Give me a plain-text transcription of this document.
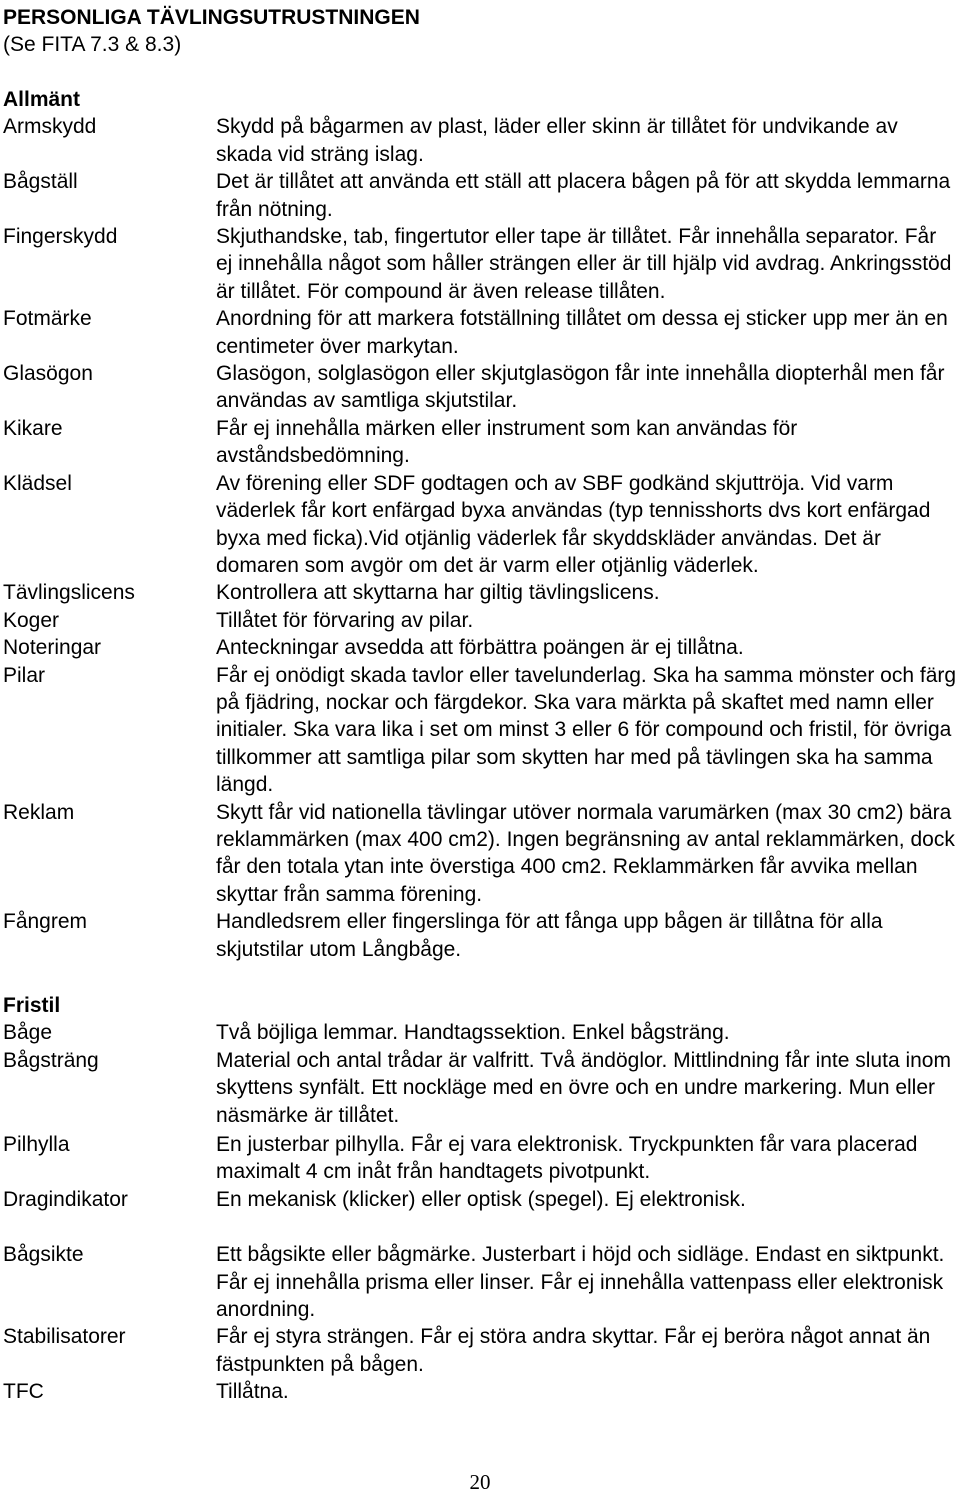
PERSONLIGA TÄVLINGSUTRUSTNINGEN
(Se FITA 7.3 & 8.3)
Allmänt
Armskydd	Skydd på bågarmen av plast, läder eller skinn är tillåtet för undvikande av skada vid sträng islag.
Bågställ	Det är tillåtet att använda ett ställ att placera bågen på för att skydda lemmarna från nötning.
Fingerskydd	Skjuthandske, tab, fingertutor eller tape är tillåtet. Får innehålla separator. Får ej innehålla något som håller strängen eller är till hjälp vid avdrag. Ankringsstöd är tillåtet. För compound är även release tillåten.
Fotmärke	Anordning för att markera fotställning tillåtet om dessa ej sticker upp mer än en centimeter över markytan.
Glasögon	Glasögon, solglasögon eller skjutglasögon får inte innehålla diopterhål men får användas av samtliga skjutstilar.
Kikare	Får ej innehålla märken eller instrument som kan användas för avståndsbedömning.
Klädsel	Av förening eller SDF godtagen och av SBF godkänd skjuttröja. Vid varm väderlek får kort enfärgad byxa användas (typ tennisshorts dvs kort enfärgad byxa med ficka).Vid otjänlig väderlek får skyddskläder användas. Det är domaren som avgör om det är varm eller otjänlig väderlek.
Tävlingslicens	Kontrollera att skyttarna har giltig tävlingslicens.
Koger	Tillåtet för förvaring av pilar.
Noteringar	Anteckningar avsedda att förbättra poängen är ej tillåtna.
Pilar	Får ej onödigt skada tavlor eller tavelunderlag. Ska ha samma mönster och färg på fjädring, nockar och färgdekor. Ska vara märkta på skaftet med namn eller initialer. Ska vara lika i set om minst 3 eller 6 för compound och fristil, för övriga tillkommer att samtliga pilar som skytten har med på tävlingen ska ha samma längd.
Reklam	Skytt får vid nationella tävlingar utöver normala varumärken (max 30 cm2) bära reklammärken (max 400 cm2). Ingen begränsning av antal reklammärken, dock får den totala ytan inte överstiga 400 cm2. Reklammärken får avvika mellan skyttar från samma förening.
Fångrem	Handledsrem eller fingerslinga för att fånga upp bågen är tillåtna för alla skjutstilar utom Långbåge.
Fristil
Båge	Två böjliga lemmar. Handtagssektion. Enkel bågsträng.
Bågsträng	Material och antal trådar är valfritt. Två ändöglor. Mittlindning får inte sluta inom skyttens synfält. Ett nockläge med en övre och en undre markering. Mun eller näsmärke är tillåtet.
Pilhylla	En justerbar pilhylla. Får ej vara elektronisk. Tryckpunkten får vara placerad maximalt 4 cm inåt från handtagets pivotpunkt.
Dragindikator	En mekanisk (klicker) eller optisk (spegel). Ej elektronisk.
Bågsikte	Ett bågsikte eller bågmärke. Justerbart i höjd och sidläge. Endast en siktpunkt. Får ej innehålla prisma eller linser. Får ej innehålla vattenpass eller elektronisk anordning.
Stabilisatorer	Får ej styra strängen. Får ej störa andra skyttar. Får ej beröra något annat än fästpunkten på bågen.
TFC	Tillåtna.
20
